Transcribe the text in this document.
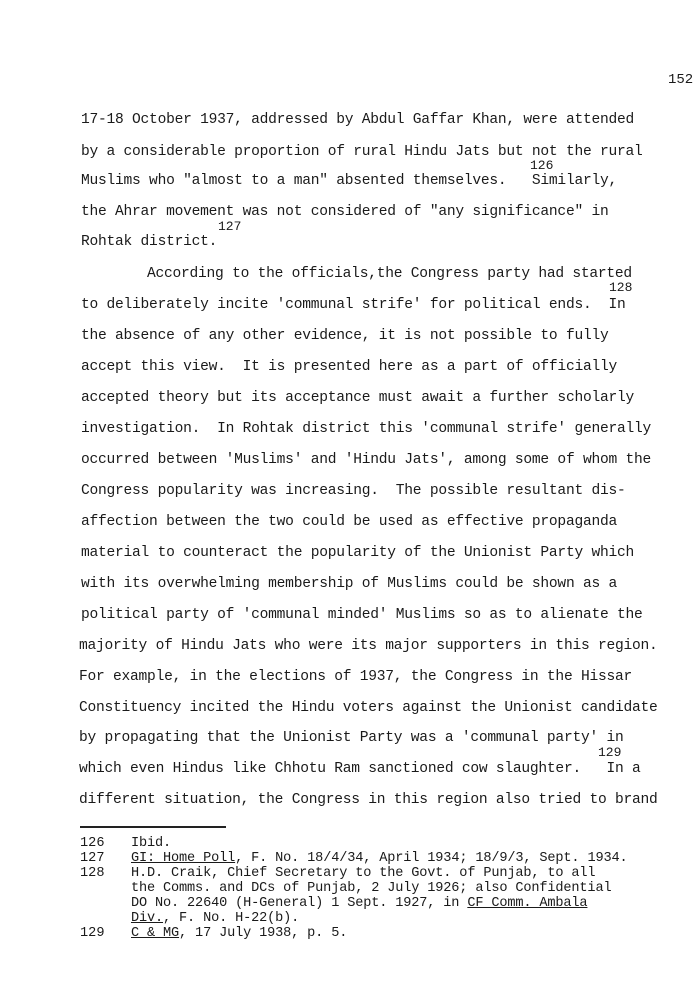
152
17-18 October 1937, addressed by Abdul Gaffar Khan, were attended
by a considerable proportion of rural Hindu Jats but not the rural
126
Muslims who "almost to a man" absented themselves.   Similarly,
the Ahrar movement was not considered of "any significance" in
127
Rohtak district.
According to the officials,the Congress party had started
128
to deliberately incite 'communal strife' for political ends.  In
the absence of any other evidence, it is not possible to fully
accept this view.  It is presented here as a part of officially
accepted theory but its acceptance must await a further scholarly
investigation.  In Rohtak district this 'communal strife' generally
occurred between 'Muslims' and 'Hindu Jats', among some of whom the
Congress popularity was increasing.  The possible resultant dis-
affection between the two could be used as effective propaganda
material to counteract the popularity of the Unionist Party which
with its overwhelming membership of Muslims could be shown as a
political party of 'communal minded' Muslims so as to alienate the
majority of Hindu Jats who were its major supporters in this region.
For example, in the elections of 1937, the Congress in the Hissar
Constituency incited the Hindu voters against the Unionist candidate
by propagating that the Unionist Party was a 'communal party' in
129
which even Hindus like Chhotu Ram sanctioned cow slaughter.   In a
different situation, the Congress in this region also tried to brand
126 Ibid.
127 GI: Home Poll, F. No. 18/4/34, April 1934; 18/9/3, Sept. 1934.
128 H.D. Craik, Chief Secretary to the Govt. of Punjab, to all
the Comms. and DCs of Punjab, 2 July 1926; also Confidential
DO No. 22640 (H-General) 1 Sept. 1927, in CF Comm. Ambala
Div., F. No. H-22(b).
129 C & MG, 17 July 1938, p. 5.
